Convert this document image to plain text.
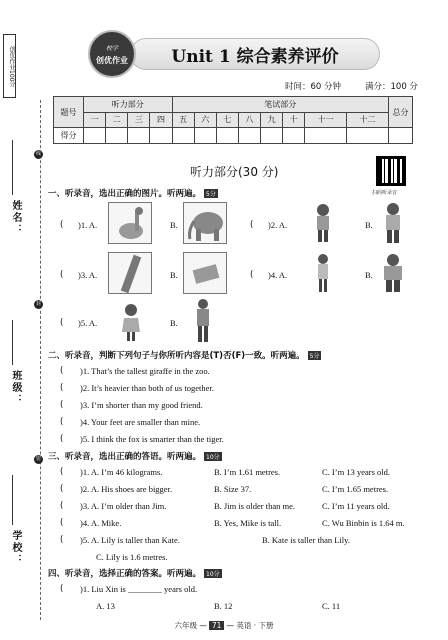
创优作业100分
线
封
密
姓名：
班级：
学校：
校学
创优作业	Unit 1 综合素养评价
时间：60 分钟	满分：100 分
题号	听力部分				笔试部分								总分
	一	二	三	四	五	六	七	八	九	十	十一	十二	
得分													
扫码听录音
听力部分(30 分)
一、听录音，选出正确的图片。听两遍。 5分
( )1. A.	B.	( )2. A.	B.
( )3. A.	B.	( )4. A.	B.
( )5. A.	B.
二、听录音，判断下列句子与你所听内容是(T)否(F)一致。听两遍。 5分
( )1. That’s the tallest giraffe in the zoo.
( )2. It’s heavier than both of us together.
( )3. I’m shorter than my good friend.
( )4. Your feet are smaller than mine.
( )5. I think the fox is smarter than the tiger.
三、听录音，选出正确的答语。听两遍。 10分
( )1. A. I’m 46 kilograms.	B. I’m 1.61 metres.	C. I’m 13 years old.
( )2. A. His shoes are bigger.	B. Size 37.	C. I’m 1.65 metres.
( )3. A. I’m older than Jim.	B. Jim is older than me.	C. I’m 11 years old.
( )4. A. Mike.	B. Yes, Mike is tall.	C. Wu Binbin is 1.64 m.
( )5. A. Lily is taller than Kate.	B. Kate is taller than Lily.
C. Lily is 1.6 metres.
四、听录音，选择正确的答案。听两遍。 10分
( )1. Liu Xin is ________ years old.
A. 13	B. 12	C. 11
六年级 — 71 — 英语 · 下册
